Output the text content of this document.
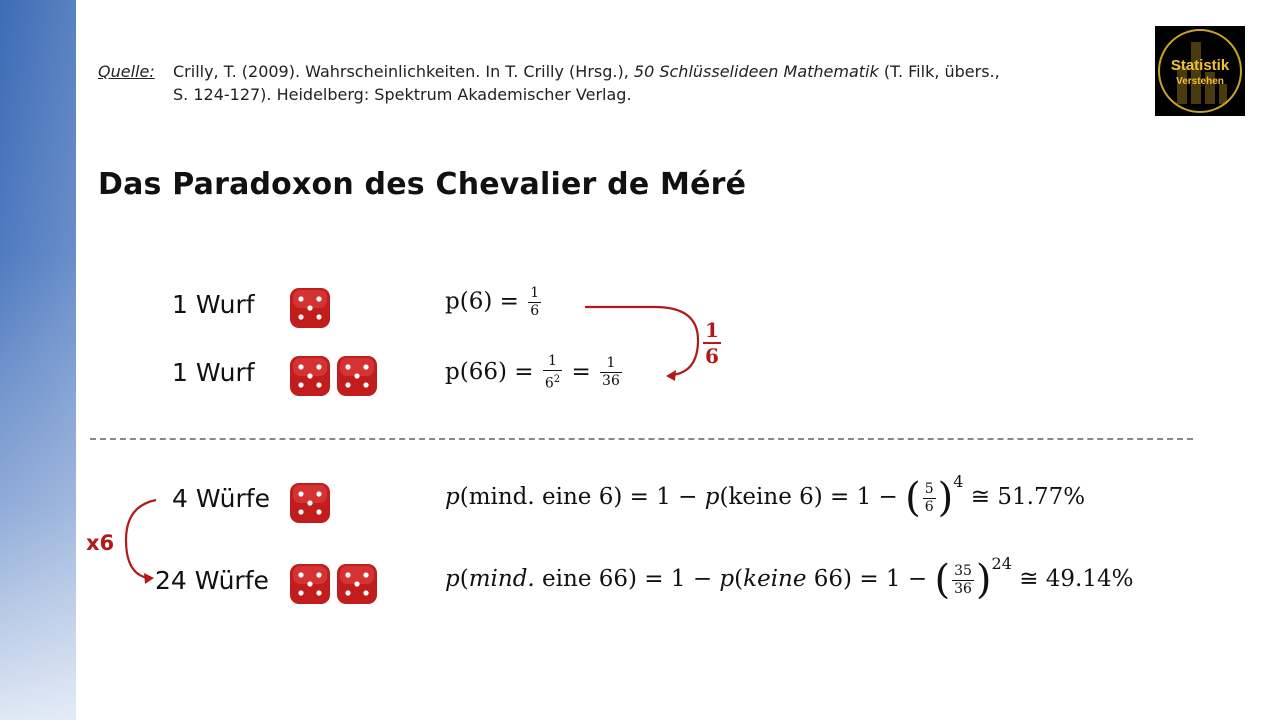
Quelle: Crilly, T. (2009). Wahrscheinlichkeiten. In T. Crilly (Hrsg.), 50 Schlüsselideen Mathematik (T. Filk, übers.,
S. 124-127). Heidelberg: Spektrum Akademischer Verlag.
Statistik
Verstehen
Das Paradoxon des Chevalier de Méré
1 Wurf
1 Wurf
4 Würfe
24 Würfe
$p(6) = \frac{1}{6}$
$p(66) = \frac{1}{6^2} = \frac{1}{36}$
1
6
p(mind. eine 6) = 1 − p(keine 6) = 1 − ( $\frac{5}{6} )^4$ ≅ 51.77%
p(mind. eine 66) = 1 − p(keine 66) = 1 − ( $\frac{35}{36} )^{24}$ ≅ 49.14%
x6
